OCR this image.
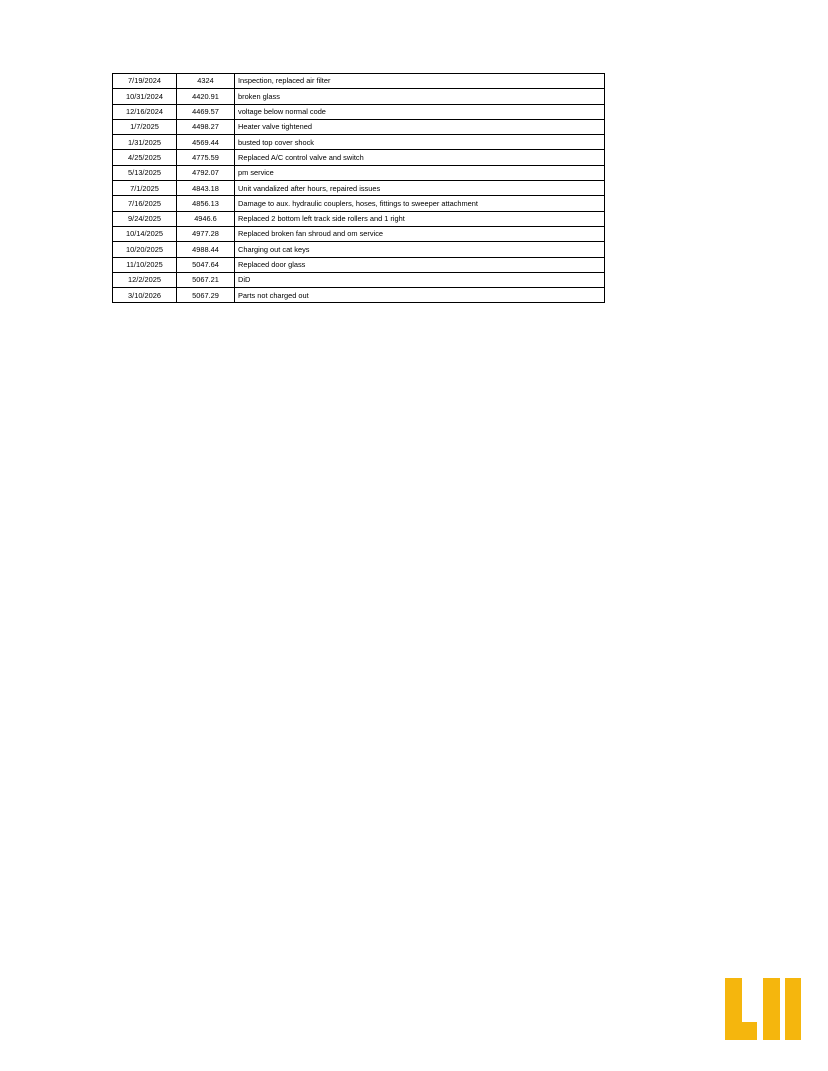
7/19/2024	4324	Inspection, replaced air filter
10/31/2024	4420.91	broken glass
12/16/2024	4469.57	voltage below normal code
1/7/2025	4498.27	Heater valve tightened
1/31/2025	4569.44	busted top cover shock
4/25/2025	4775.59	Replaced A/C control valve and switch
5/13/2025	4792.07	pm service
7/1/2025	4843.18	Unit vandalized after hours, repaired issues
7/16/2025	4856.13	Damage to aux. hydraulic couplers, hoses, fittings to sweeper attachment
9/24/2025	4946.6	Replaced 2 bottom left track side rollers and 1 right
10/14/2025	4977.28	Replaced broken fan shroud and om service
10/20/2025	4988.44	Charging out cat keys
11/10/2025	5047.64	Replaced door glass
12/2/2025	5067.21	DiD
3/10/2026	5067.29	Parts not charged out
